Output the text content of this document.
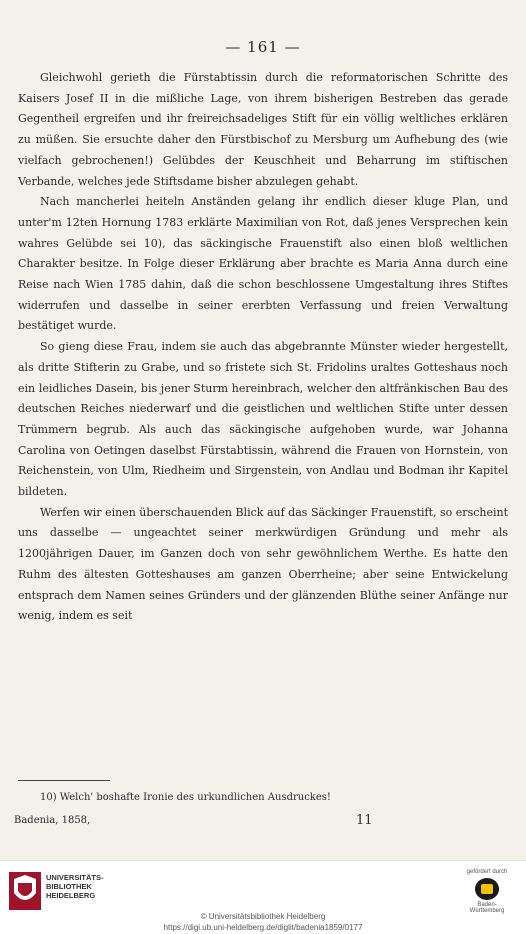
— 161 —

Gleichwohl gerieth die Fürstabtissin durch die reformatorischen Schritte des Kaisers Josef II in die mißliche Lage, von ihrem bisherigen Bestreben das gerade Gegentheil ergreifen und ihr freireichsadeliges Stift für ein völlig weltliches erklären zu müßen. Sie ersuchte daher den Fürstbischof zu Mersburg um Aufhebung des (wie vielfach gebrochenen!) Gelübdes der Keuschheit und Beharrung im stiftischen Verbande, welches jede Stiftsdame bisher abzulegen gehabt.

Nach mancherlei heiteln Anständen gelang ihr endlich dieser kluge Plan, und unter'm 12ten Hornung 1783 erklärte Maximilian von Rot, daß jenes Versprechen kein wahres Gelübde sei 10), das säckingische Frauenstift also einen bloß weltlichen Charakter besitze. In Folge dieser Erklärung aber brachte es Maria Anna durch eine Reise nach Wien 1785 dahin, daß die schon beschlossene Umgestaltung ihres Stiftes widerrufen und dasselbe in seiner ererbten Verfassung und freien Verwaltung bestätiget wurde.

So gieng diese Frau, indem sie auch das abgebrannte Münster wieder hergestellt, als dritte Stifterin zu Grabe, und so fristete sich St. Fridolins uraltes Gotteshaus noch ein leidliches Dasein, bis jener Sturm hereinbrach, welcher den altfränkischen Bau des deutschen Reiches niederwarf und die geistlichen und weltlichen Stifte unter dessen Trümmern begrub. Als auch das säckingische aufgehoben wurde, war Johanna Carolina von Oetingen daselbst Fürstabtissin, während die Frauen von Hornstein, von Reichenstein, von Ulm, Riedheim und Sirgenstein, von Andlau und Bodman ihr Kapitel bildeten.

Werfen wir einen überschauenden Blick auf das Säckinger Frauenstift, so erscheint uns dasselbe — ungeachtet seiner merkwürdigen Gründung und mehr als 1200jährigen Dauer, im Ganzen doch von sehr gewöhnlichem Werthe. Es hatte den Ruhm des ältesten Gotteshauses am ganzen Oberrheine; aber seine Entwickelung entsprach dem Namen seines Gründers und der glänzenden Blüthe seiner Anfänge nur wenig, indem es seit

10) Welch' boshafte Ironie des urkundlichen Ausdruckes!
Badenia, 1858,	11
UNIVERSITÄTS-
BIBLIOTHEK
HEIDELBERG
© Universitätsbibliothek Heidelberg
https://digi.ub.uni-heidelberg.de/diglit/badenia1859/0177
gefördert durch
Baden-Württemberg
